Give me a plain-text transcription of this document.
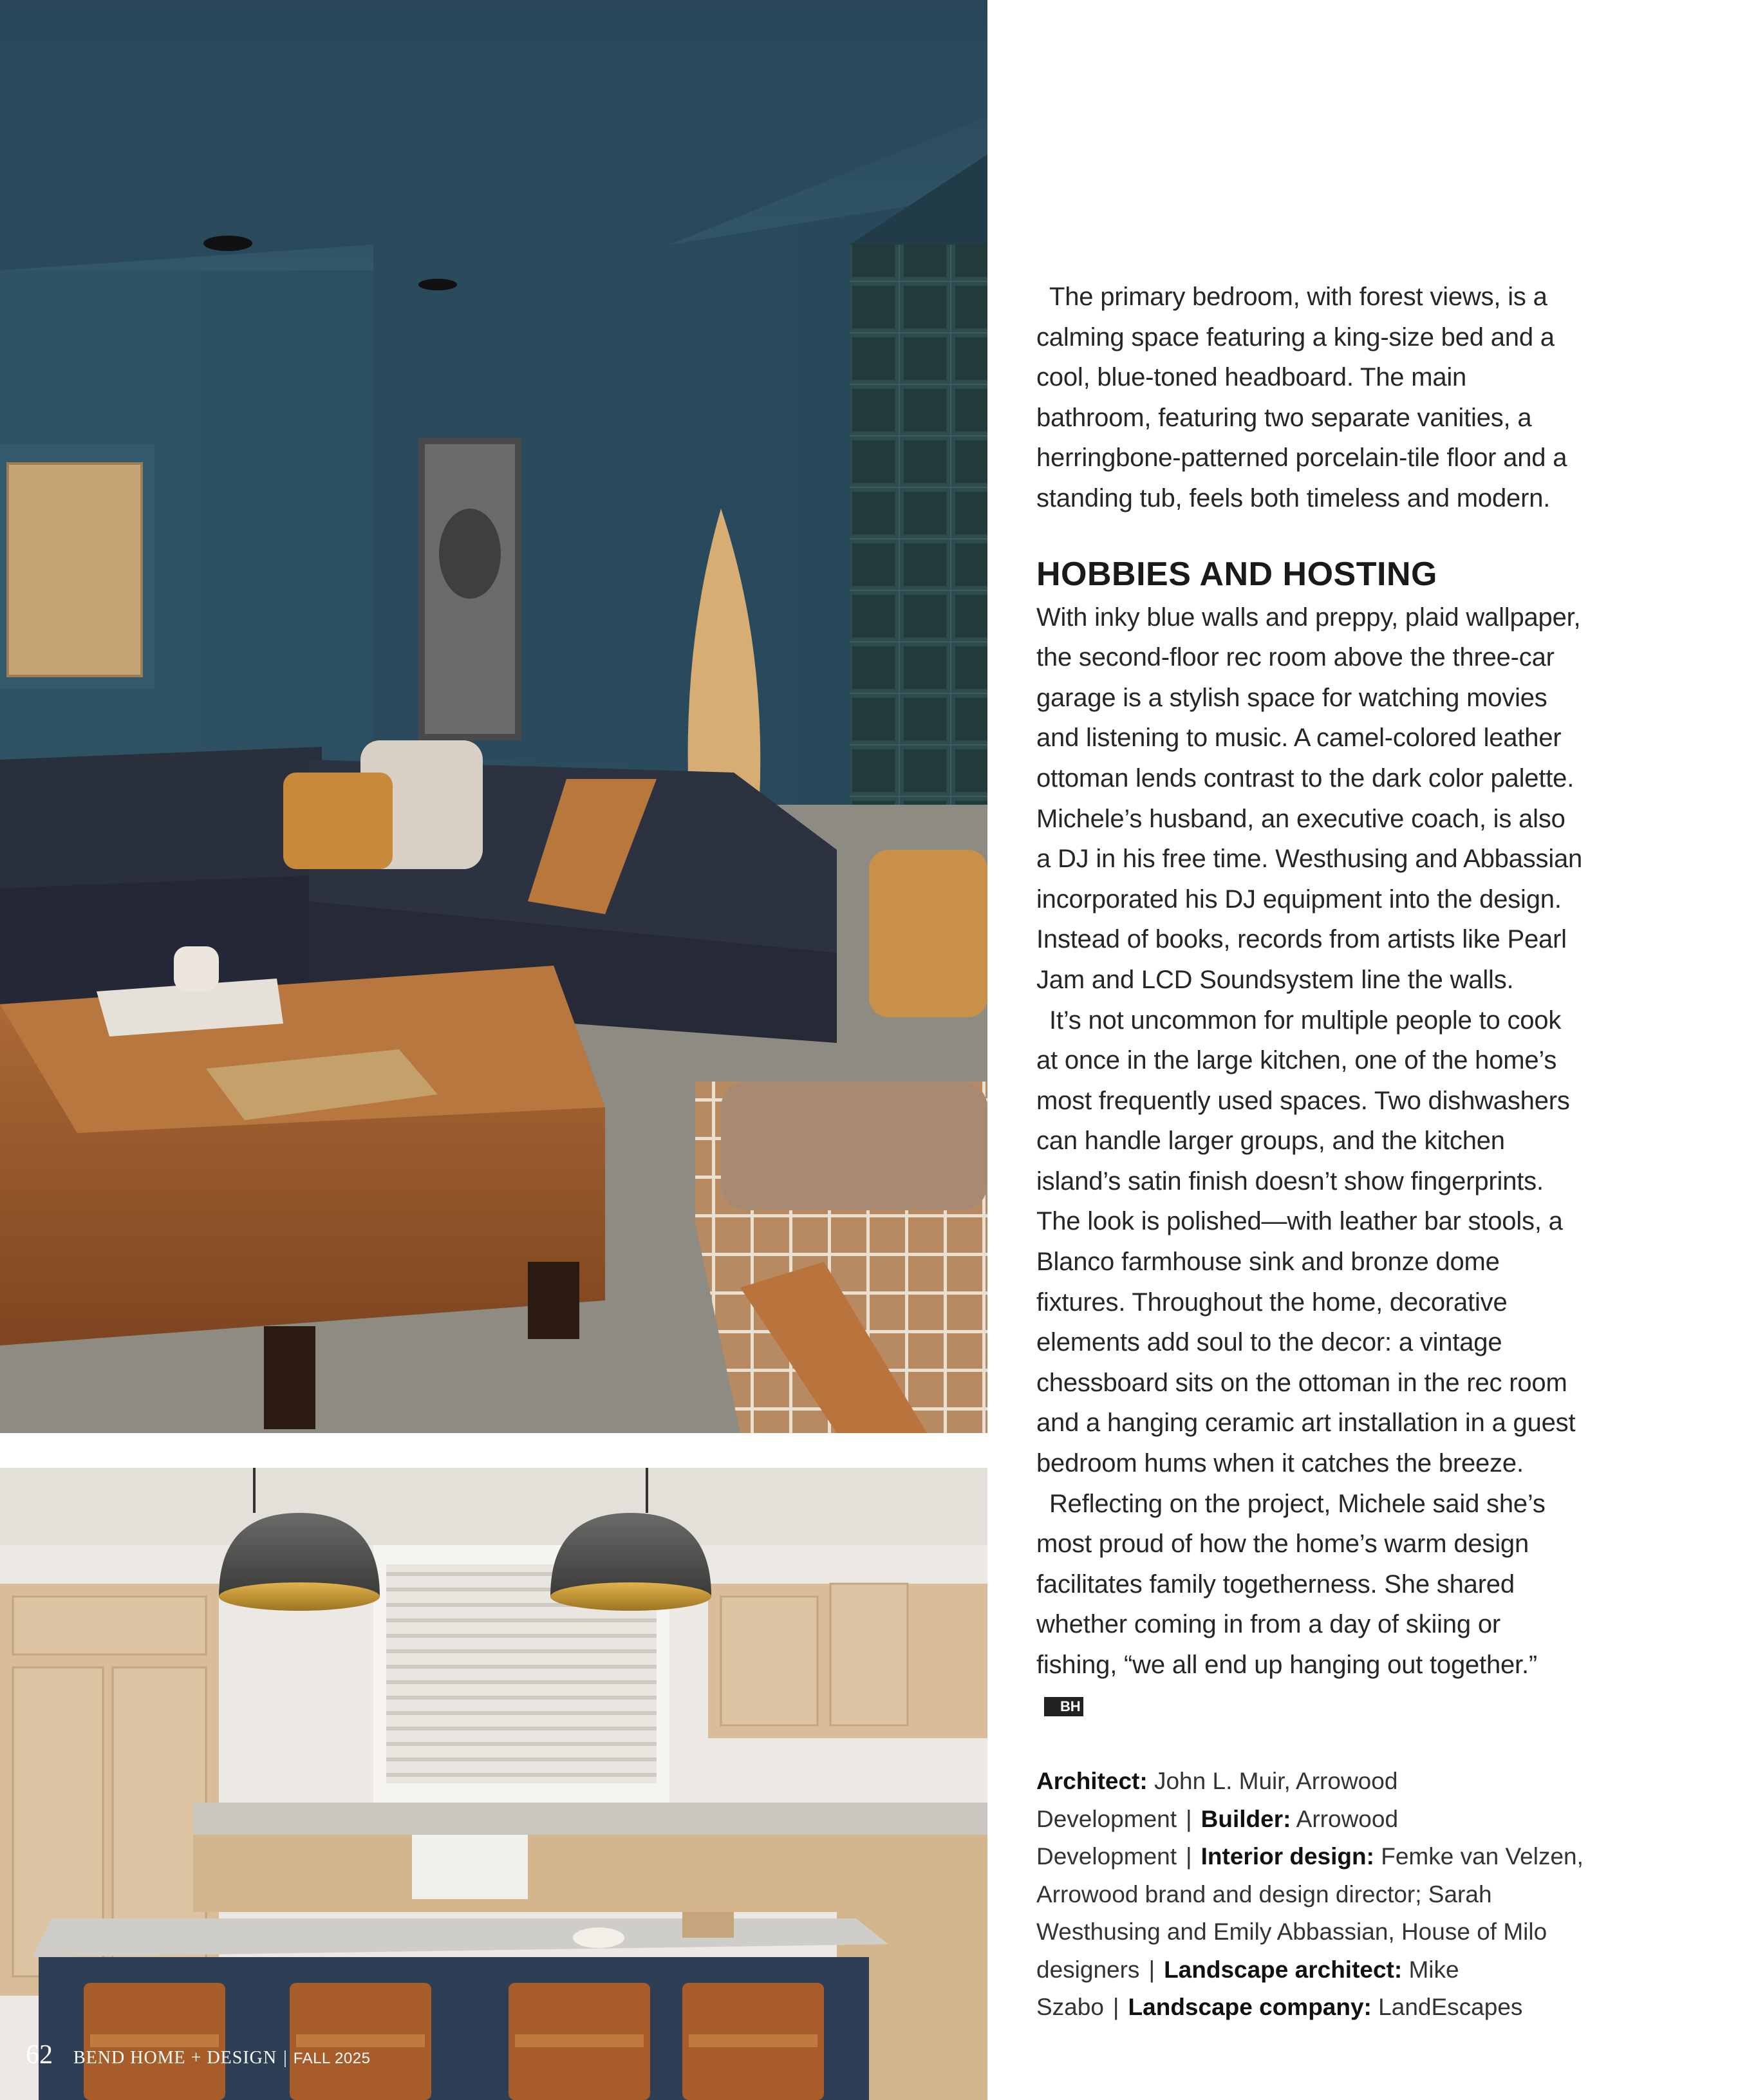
The primary bedroom, with forest views, is a calming space featuring a king-size bed and a cool, blue-toned headboard. The main bathroom, featuring two separate vanities, a herringbone-patterned porcelain-tile floor and a standing tub, feels both timeless and modern.

HOBBIES AND HOSTING

With inky blue walls and preppy, plaid wallpaper, the second-floor rec room above the three-car garage is a stylish space for watching movies and listening to music. A camel-colored leather ottoman lends contrast to the dark color palette. Michele’s husband, an executive coach, is also a DJ in his free time. Westhusing and Abbassian incorporated his DJ equipment into the design. Instead of books, records from artists like Pearl Jam and LCD Soundsystem line the walls.

It’s not uncommon for multiple people to cook at once in the large kitchen, one of the home’s most frequently used spaces. Two dishwashers can handle larger groups, and the kitchen island’s satin finish doesn’t show fingerprints. The look is polished—with leather bar stools, a Blanco farmhouse sink and bronze dome fixtures. Throughout the home, decorative elements add soul to the decor: a vintage chessboard sits on the ottoman in the rec room and a hanging ceramic art installation in a guest bedroom hums when it catches the breeze.

Reflecting on the project, Michele said she’s most proud of how the home’s warm design facilitates family togetherness. She shared whether coming in from a day of skiing or fishing, “we all end up hanging out together.”BH

Architect: John L. Muir, Arrowood Development | Builder: Arrowood Development | Interior design: Femke van Velzen, Arrowood brand and design director; Sarah Westhusing and Emily Abbassian, House of Milo designers | Landscape architect: Mike Szabo | Landscape company: LandEscapes
62 BEND HOME + DESIGN | FALL 2025
